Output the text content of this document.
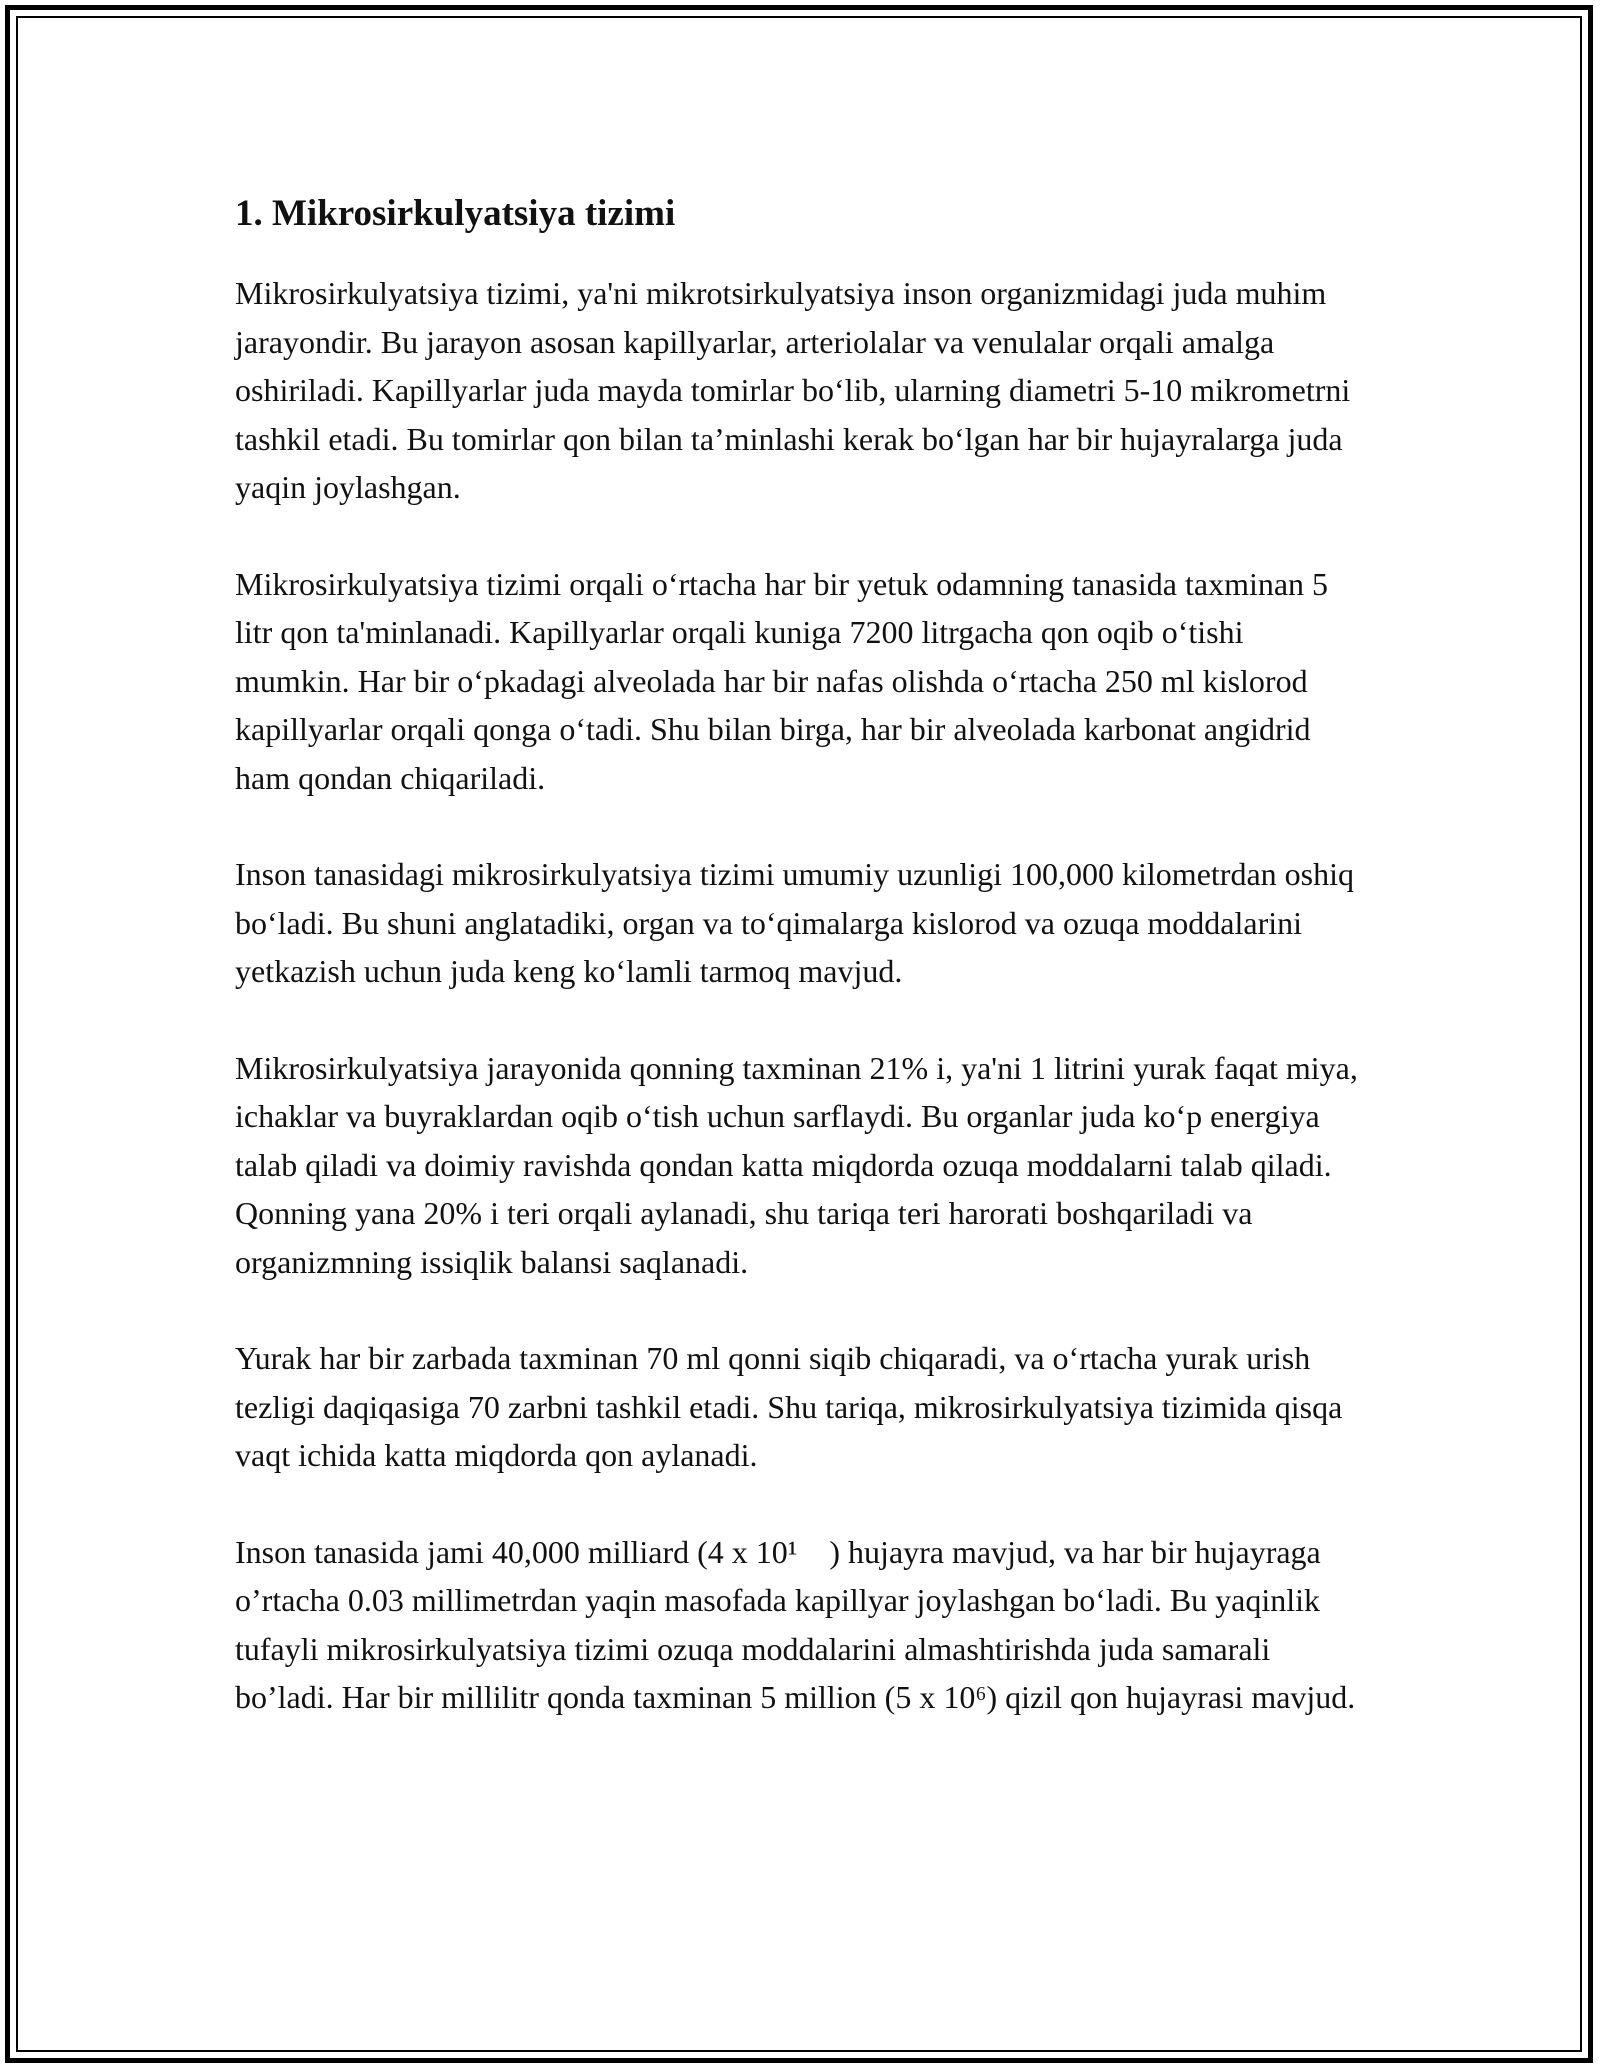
1. Mikrosirkulyatsiya tizimi

Mikrosirkulyatsiya tizimi, ya'ni mikrotsirkulyatsiya inson organizmidagi juda muhim jarayondir. Bu jarayon asosan kapillyarlar, arteriolalar va venulalar orqali amalga oshiriladi. Kapillyarlar juda mayda tomirlar bo‘lib, ularning diametri 5-10 mikrometrni tashkil etadi. Bu tomirlar qon bilan ta’minlashi kerak bo‘lgan har bir hujayralarga juda yaqin joylashgan.

Mikrosirkulyatsiya tizimi orqali o‘rtacha har bir yetuk odamning tanasida taxminan 5 litr qon ta'minlanadi. Kapillyarlar orqali kuniga 7200 litrgacha qon oqib o‘tishi mumkin. Har bir o‘pkadagi alveolada har bir nafas olishda o‘rtacha 250 ml kislorod kapillyarlar orqali qonga o‘tadi. Shu bilan birga, har bir alveolada karbonat angidrid ham qondan chiqariladi.

Inson tanasidagi mikrosirkulyatsiya tizimi umumiy uzunligi 100,000 kilometrdan oshiq bo‘ladi. Bu shuni anglatadiki, organ va to‘qimalarga kislorod va ozuqa moddalarini yetkazish uchun juda keng ko‘lamli tarmoq mavjud.

Mikrosirkulyatsiya jarayonida qonning taxminan 21% i, ya'ni 1 litrini yurak faqat miya, ichaklar va buyraklardan oqib o‘tish uchun sarflaydi. Bu organlar juda ko‘p energiya talab qiladi va doimiy ravishda qondan katta miqdorda ozuqa moddalarni talab qiladi. Qonning yana 20% i teri orqali aylanadi, shu tariqa teri harorati boshqariladi va organizmning issiqlik balansi saqlanadi.

Yurak har bir zarbada taxminan 70 ml qonni siqib chiqaradi, va o‘rtacha yurak urish tezligi daqiqasiga 70 zarbni tashkil etadi. Shu tariqa, mikrosirkulyatsiya tizimida qisqa vaqt ichida katta miqdorda qon aylanadi.

Inson tanasida jami 40,000 milliard (4 x 10¹    ) hujayra mavjud, va har bir hujayraga o’rtacha 0.03 millimetrdan yaqin masofada kapillyar joylashgan bo‘ladi. Bu yaqinlik tufayli mikrosirkulyatsiya tizimi ozuqa moddalarini almashtirishda juda samarali bo’ladi. Har bir millilitr qonda taxminan 5 million (5 x 10⁶) qizil qon hujayrasi mavjud.
